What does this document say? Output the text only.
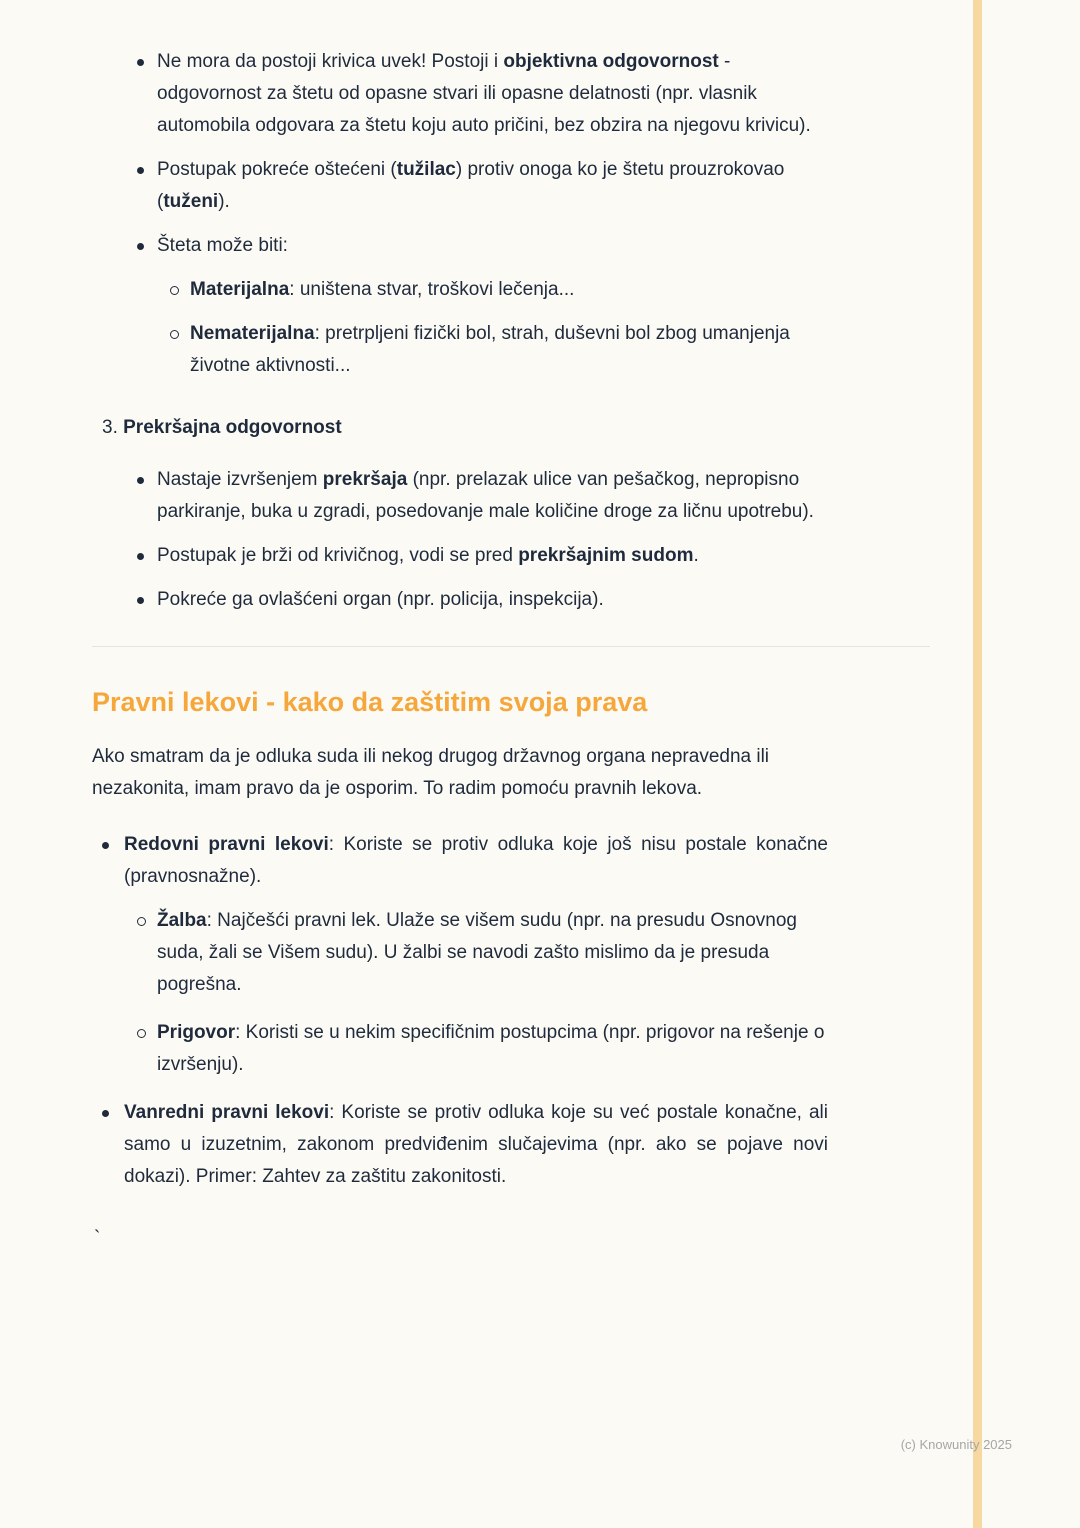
Ne mora da postoji krivica uvek! Postoji i objektivna odgovornost - odgovornost za štetu od opasne stvari ili opasne delatnosti (npr. vlasnik automobila odgovara za štetu koju auto pričini, bez obzira na njegovu krivicu).
Postupak pokreće oštećeni (tužilac) protiv onoga ko je štetu prouzrokovao (tuženi).
Šteta može biti:
Materijalna: uništena stvar, troškovi lečenja...
Nematerijalna: pretrpljeni fizički bol, strah, duševni bol zbog umanjenja životne aktivnosti...
3. Prekršajna odgovornost
Nastaje izvršenjem prekršaja (npr. prelazak ulice van pešačkog, nepropisno parkiranje, buka u zgradi, posedovanje male količine droge za ličnu upotrebu).
Postupak je brži od krivičnog, vodi se pred prekršajnim sudom.
Pokreće ga ovlašćeni organ (npr. policija, inspekcija).
Pravni lekovi - kako da zaštitim svoja prava

Ako smatram da je odluka suda ili nekog drugog državnog organa nepravedna ili nezakonita, imam pravo da je osporim. To radim pomoću pravnih lekova.

Redovni pravni lekovi: Koriste se protiv odluka koje još nisu postale konačne (pravnosnažne).
Žalba: Najčešći pravni lek. Ulaže se višem sudu (npr. na presudu Osnovnog suda, žali se Višem sudu). U žalbi se navodi zašto mislimo da je presuda pogrešna.
Prigovor: Koristi se u nekim specifičnim postupcima (npr. prigovor na rešenje o izvršenju).
Vanredni pravni lekovi: Koriste se protiv odluka koje su već postale konačne, ali samo u izuzetnim, zakonom predviđenim slučajevima (npr. ako se pojave novi dokazi). Primer: Zahtev za zaštitu zakonitosti.
`
(c) Knowunity 2025
